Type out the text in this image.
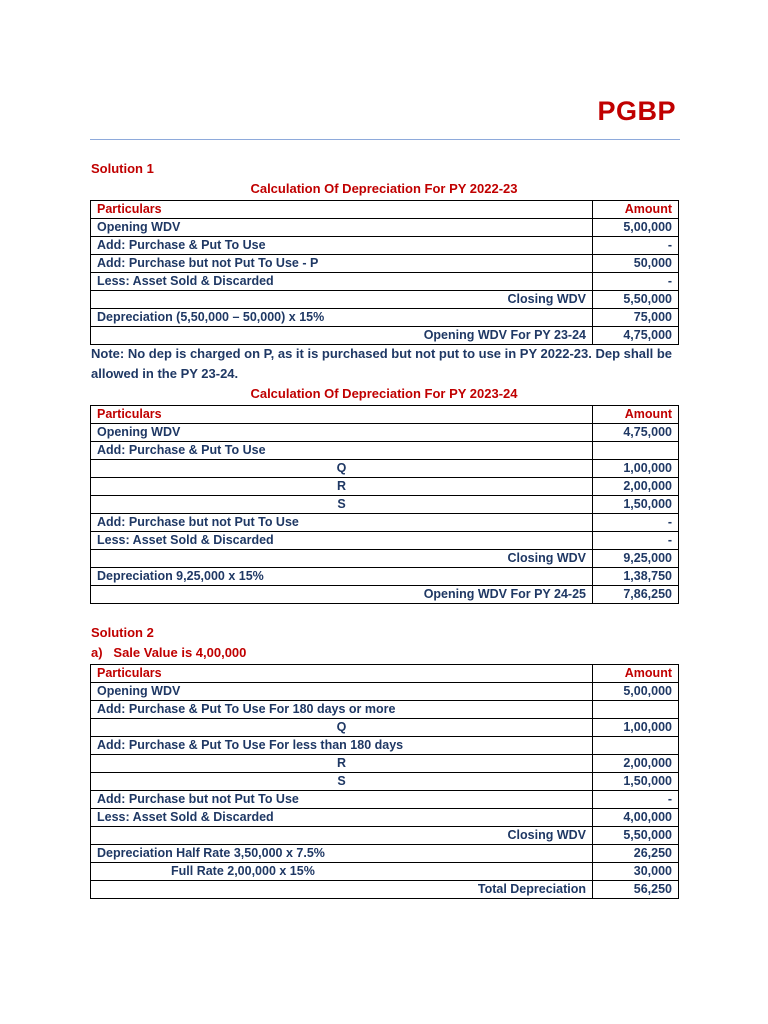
PGBP
Solution 1
Calculation Of Depreciation For PY 2022-23
Particulars	Amount
Opening WDV	5,00,000
Add: Purchase & Put To Use	-
Add: Purchase but not Put To Use - P	50,000
Less: Asset Sold & Discarded	-
Closing WDV	5,50,000
Depreciation (5,50,000 – 50,000) x 15%	75,000
Opening WDV For PY 23-24	4,75,000
Note: No dep is charged on P, as it is purchased but not put to use in PY 2022-23. Dep shall be allowed in the PY 23-24.
Calculation Of Depreciation For PY 2023-24
Particulars	Amount
Opening WDV	4,75,000
Add: Purchase & Put To Use	
Q	1,00,000
R	2,00,000
S	1,50,000
Add: Purchase but not Put To Use	-
Less: Asset Sold & Discarded	-
Closing WDV	9,25,000
Depreciation 9,25,000 x 15%	1,38,750
Opening WDV For PY 24-25	7,86,250
Solution 2
a)   Sale Value is 4,00,000
Particulars	Amount
Opening WDV	5,00,000
Add: Purchase & Put To Use For 180 days or more	
Q	1,00,000
Add: Purchase & Put To Use For less than 180 days	
R	2,00,000
S	1,50,000
Add: Purchase but not Put To Use	-
Less: Asset Sold & Discarded	4,00,000
Closing WDV	5,50,000
Depreciation Half Rate 3,50,000 x 7.5%	26,250
Full Rate 2,00,000 x 15%	30,000
Total Depreciation	56,250
